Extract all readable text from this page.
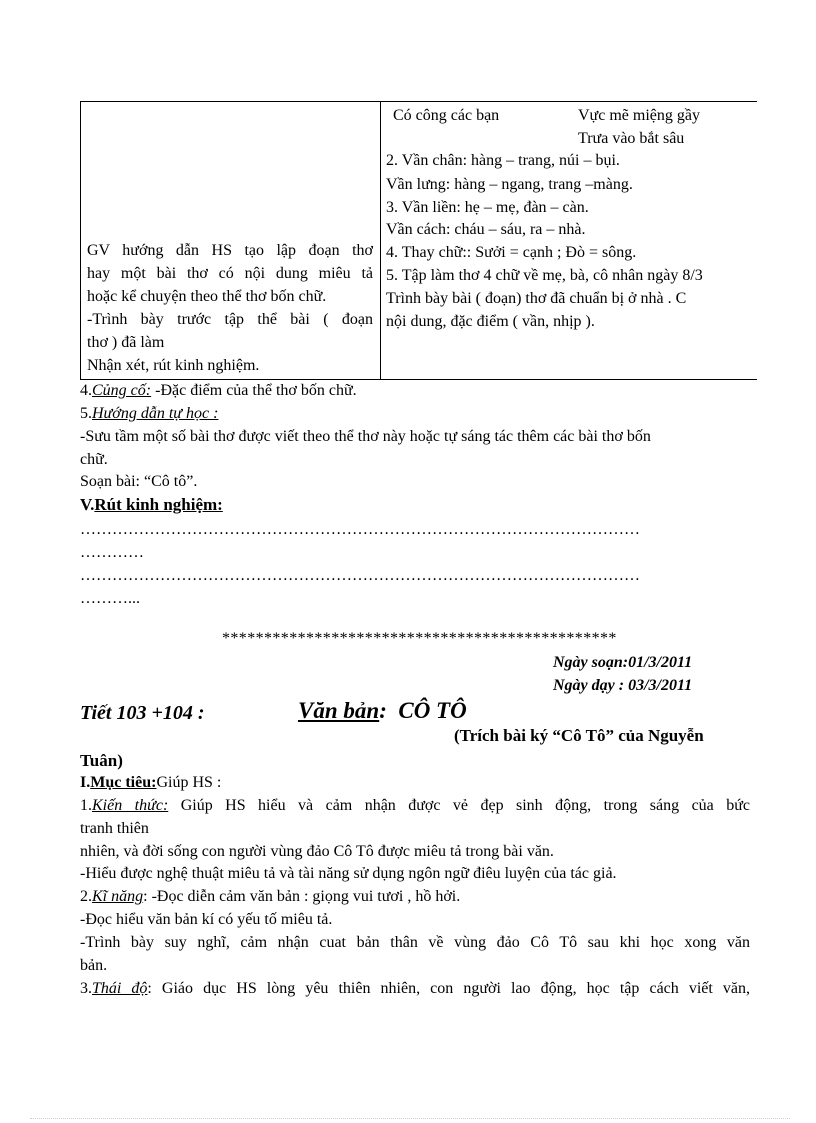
GV hướng dẫn HS tạo lập đoạn thơ
hay một bài thơ có nội dung miêu tả
hoặc kể chuyện theo thể thơ bốn chữ.
-Trình bày trước tập thể bài ( đoạn
thơ ) đã làm
Nhận xét, rút kinh nghiệm.
Có công các bạn	Vực mẽ miệng gầy
Trưa vào bắt sâu
2. Vần chân: hàng – trang, núi – bụi.
Vần lưng: hàng – ngang, trang –màng.
3. Vần liền: hẹ – mẹ, đàn – càn.
Vần cách: cháu – sáu, ra – nhà.
4. Thay chữ:: Sưởi = cạnh ; Đò = sông.
5. Tập làm thơ 4 chữ về mẹ, bà, cô nhân ngày 8/3
Trình bày bài ( đoạn) thơ đã chuẩn bị ở nhà . C
nội dung, đặc điểm ( vần, nhịp ).
4.Củng cố: -Đặc điểm của thể thơ bốn chữ.
5.Hướng dẫn tự học :
-Sưu tầm một số bài thơ được viết theo thể thơ này hoặc tự sáng tác thêm các bài thơ bốn
chữ.
Soạn bài: “Cô tô”.
V.Rút kinh nghiệm:
……………………………………………………………………………………………
…………
……………………………………………………………………………………………
………...
***********************************************
Ngày soạn:01/3/2011
Ngày dạy : 03/3/2011
Tiết 103 +104 :	Văn bản: CÔ TÔ
(Trích bài ký “Cô Tô” của Nguyễn
Tuân)
I.Mục tiêu:Giúp HS :
1.Kiến thức: Giúp HS hiểu và cảm nhận được vẻ đẹp sinh động, trong sáng của bức
tranh thiên
nhiên, và đời sống con người vùng đảo Cô Tô được miêu tả trong bài văn.
-Hiểu được nghệ thuật miêu tả và tài năng sử dụng ngôn ngữ điêu luyện của tác giả.
2.Kĩ năng: -Đọc diễn cảm văn bản : giọng vui tươi , hồ hởi.
-Đọc hiểu văn bản kí có yếu tố miêu tả.
-Trình bày suy nghĩ, cảm nhận cuat bản thân về vùng đảo Cô Tô sau khi học xong văn
bản.
3.Thái độ: Giáo dục HS lòng yêu thiên nhiên, con người lao động, học tập cách viết văn,
